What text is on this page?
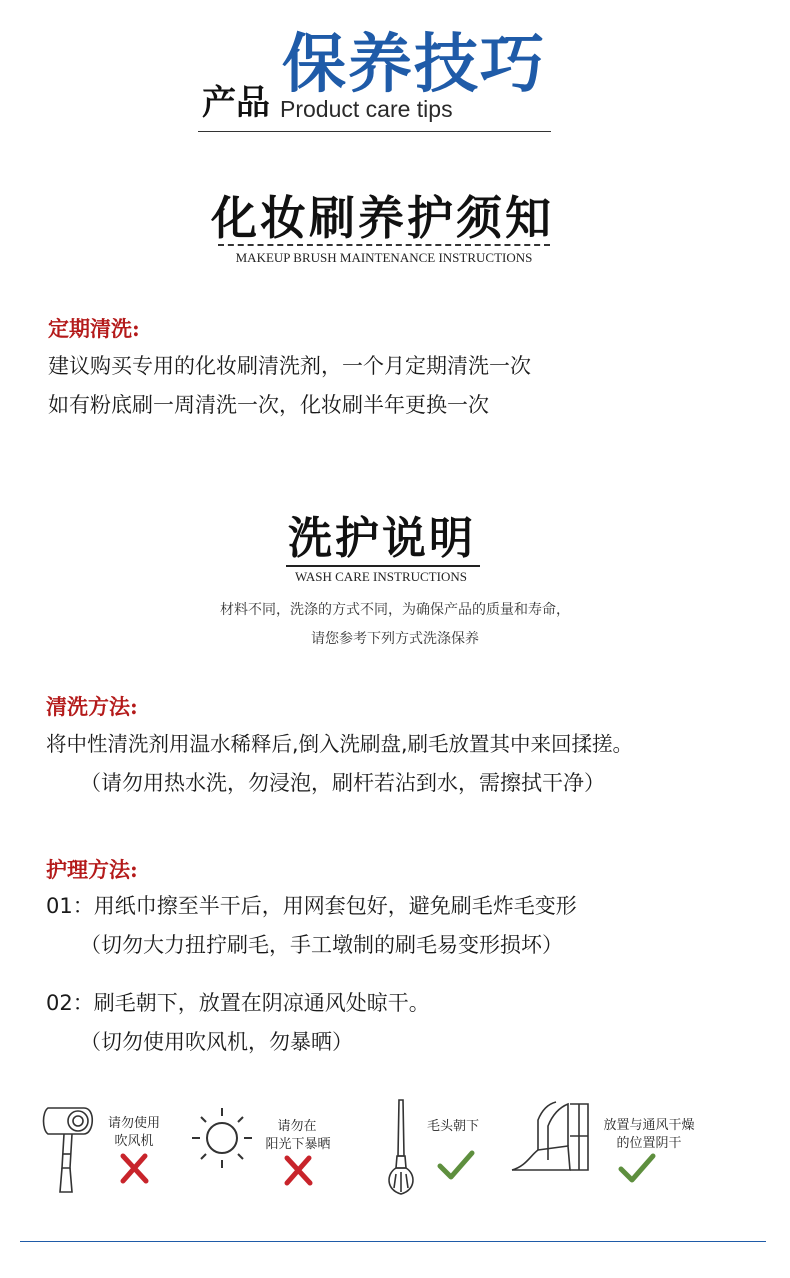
保养技巧
产品 Product care tips
化妆刷养护须知
MAKEUP BRUSH MAINTENANCE INSTRUCTIONS
定期清洗:
建议购买专用的化妆刷清洗剂，一个月定期清洗一次
如有粉底刷一周清洗一次，化妆刷半年更换一次
洗护说明
WASH CARE INSTRUCTIONS
材料不同，洗涤的方式不同，为确保产品的质量和寿命，
请您参考下列方式洗涤保养
清洗方法:
将中性清洗剂用温水稀释后,倒入洗刷盘,刷毛放置其中来回揉搓。
（请勿用热水洗，勿浸泡，刷杆若沾到水，需擦拭干净）
护理方法:
01：用纸巾擦至半干后，用网套包好，避免刷毛炸毛变形
（切勿大力扭拧刷毛，手工墩制的刷毛易变形损坏）
02：刷毛朝下，放置在阴凉通风处晾干。
（切勿使用吹风机，勿暴晒）
请勿使用
吹风机
请勿在
阳光下暴晒
毛头朝下	放置与通风干燥
的位置阴干
